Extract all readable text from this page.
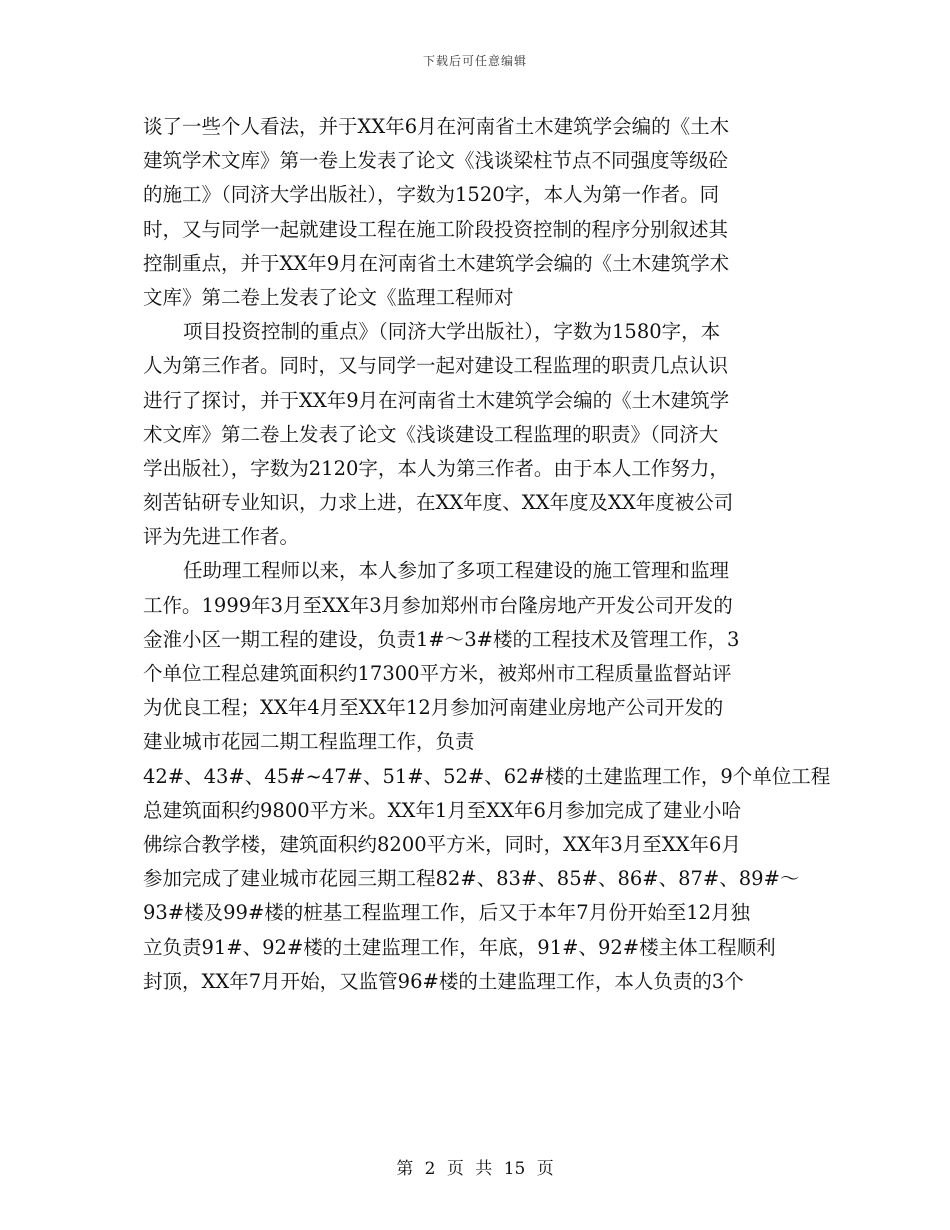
下载后可任意编辑
谈了一些个人看法，并于XX年6月在河南省土木建筑学会编的《土木
建筑学术文库》第一卷上发表了论文《浅谈梁柱节点不同强度等级砼
的施工》（同济大学出版社），字数为1520字，本人为第一作者。同
时，又与同学一起就建设工程在施工阶段投资控制的程序分别叙述其
控制重点，并于XX年9月在河南省土木建筑学会编的《土木建筑学术
文库》第二卷上发表了论文《监理工程师对
项目投资控制的重点》（同济大学出版社），字数为1580字，本
人为第三作者。同时，又与同学一起对建设工程监理的职责几点认识
进行了探讨，并于XX年9月在河南省土木建筑学会编的《土木建筑学
术文库》第二卷上发表了论文《浅谈建设工程监理的职责》（同济大
学出版社），字数为2120字，本人为第三作者。由于本人工作努力，
刻苦钻研专业知识，力求上进，在XX年度、XX年度及XX年度被公司
评为先进工作者。
任助理工程师以来，本人参加了多项工程建设的施工管理和监理
工作。1999年3月至XX年3月参加郑州市台隆房地产开发公司开发的
金淮小区一期工程的建设，负责1#～3#楼的工程技术及管理工作，3
个单位工程总建筑面积约17300平方米，被郑州市工程质量监督站评
为优良工程；XX年4月至XX年12月参加河南建业房地产公司开发的
建业城市花园二期工程监理工作，负责
42#、43#、45#~47#、51#、52#、62#楼的土建监理工作，9个单位工程
总建筑面积约9800平方米。XX年1月至XX年6月参加完成了建业小哈
佛综合教学楼，建筑面积约8200平方米，同时，XX年3月至XX年6月
参加完成了建业城市花园三期工程82#、83#、85#、86#、87#、89#～
93#楼及99#楼的桩基工程监理工作，后又于本年7月份开始至12月独
立负责91#、92#楼的土建监理工作，年底，91#、92#楼主体工程顺利
封顶，XX年7月开始，又监管96#楼的土建监理工作，本人负责的3个
第 2 页 共 15 页
